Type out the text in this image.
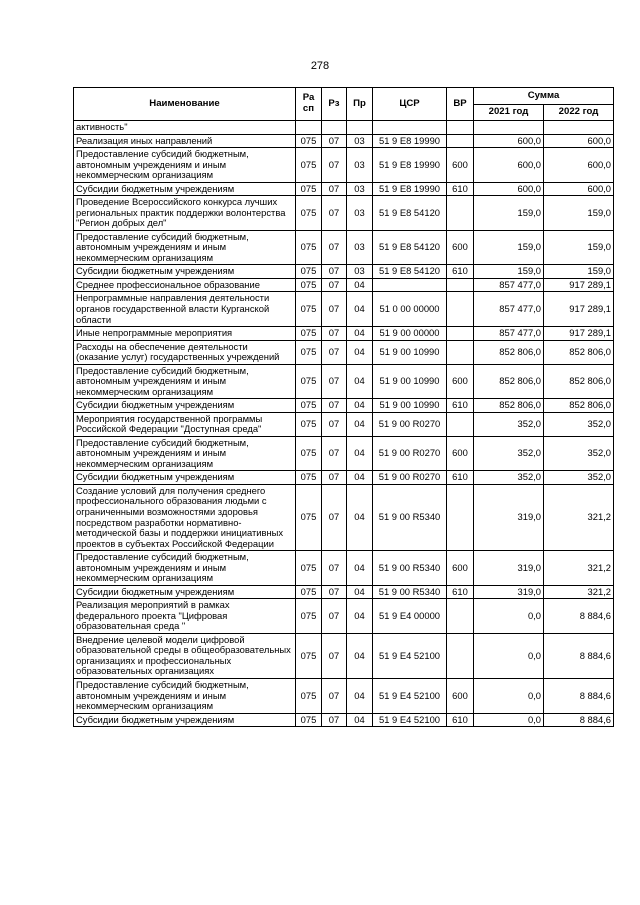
278
Наименование	Ра сп	Рз	Пр	ЦСР	ВР	Сумма	
						2021 год	2022 год
активность"							
Реализация иных направлений	075	07	03	51 9 E8 19990		600,0	600,0
Предоставление субсидий бюджетным, автономным учреждениям и иным некоммерческим организациям	075	07	03	51 9 E8 19990	600	600,0	600,0
Субсидии бюджетным учреждениям	075	07	03	51 9 E8 19990	610	600,0	600,0
Проведение Всероссийского конкурса лучших региональных практик поддержки волонтерства "Регион добрых дел"	075	07	03	51 9 E8 54120		159,0	159,0
Предоставление субсидий бюджетным, автономным учреждениям и иным некоммерческим организациям	075	07	03	51 9 E8 54120	600	159,0	159,0
Субсидии бюджетным учреждениям	075	07	03	51 9 E8 54120	610	159,0	159,0
Среднее профессиональное образование	075	07	04			857 477,0	917 289,1
Непрограммные направления деятельности органов государственной власти Курганской области	075	07	04	51 0 00 00000		857 477,0	917 289,1
Иные непрограммные мероприятия	075	07	04	51 9 00 00000		857 477,0	917 289,1
Расходы на обеспечение деятельности (оказание услуг) государственных учреждений	075	07	04	51 9 00 10990		852 806,0	852 806,0
Предоставление субсидий бюджетным, автономным учреждениям и иным некоммерческим организациям	075	07	04	51 9 00 10990	600	852 806,0	852 806,0
Субсидии бюджетным учреждениям	075	07	04	51 9 00 10990	610	852 806,0	852 806,0
Мероприятия государственной программы Российской Федерации "Доступная среда"	075	07	04	51 9 00 R0270		352,0	352,0
Предоставление субсидий бюджетным, автономным учреждениям и иным некоммерческим организациям	075	07	04	51 9 00 R0270	600	352,0	352,0
Субсидии бюджетным учреждениям	075	07	04	51 9 00 R0270	610	352,0	352,0
Создание условий для получения среднего профессионального образования людьми с ограниченными возможностями здоровья посредством разработки нормативно-методической базы и поддержки инициативных проектов в субъектах Российской Федерации	075	07	04	51 9 00 R5340		319,0	321,2
Предоставление субсидий бюджетным, автономным учреждениям и иным некоммерческим организациям	075	07	04	51 9 00 R5340	600	319,0	321,2
Субсидии бюджетным учреждениям	075	07	04	51 9 00 R5340	610	319,0	321,2
Реализация мероприятий в рамках федерального проекта "Цифровая образовательная среда "	075	07	04	51 9 E4 00000		0,0	8 884,6
Внедрение целевой модели цифровой образовательной среды в общеобразовательных организациях и профессиональных образовательных организациях	075	07	04	51 9 E4 52100		0,0	8 884,6
Предоставление субсидий бюджетным, автономным учреждениям и иным некоммерческим организациям	075	07	04	51 9 E4 52100	600	0,0	8 884,6
Субсидии бюджетным учреждениям	075	07	04	51 9 E4 52100	610	0,0	8 884,6
